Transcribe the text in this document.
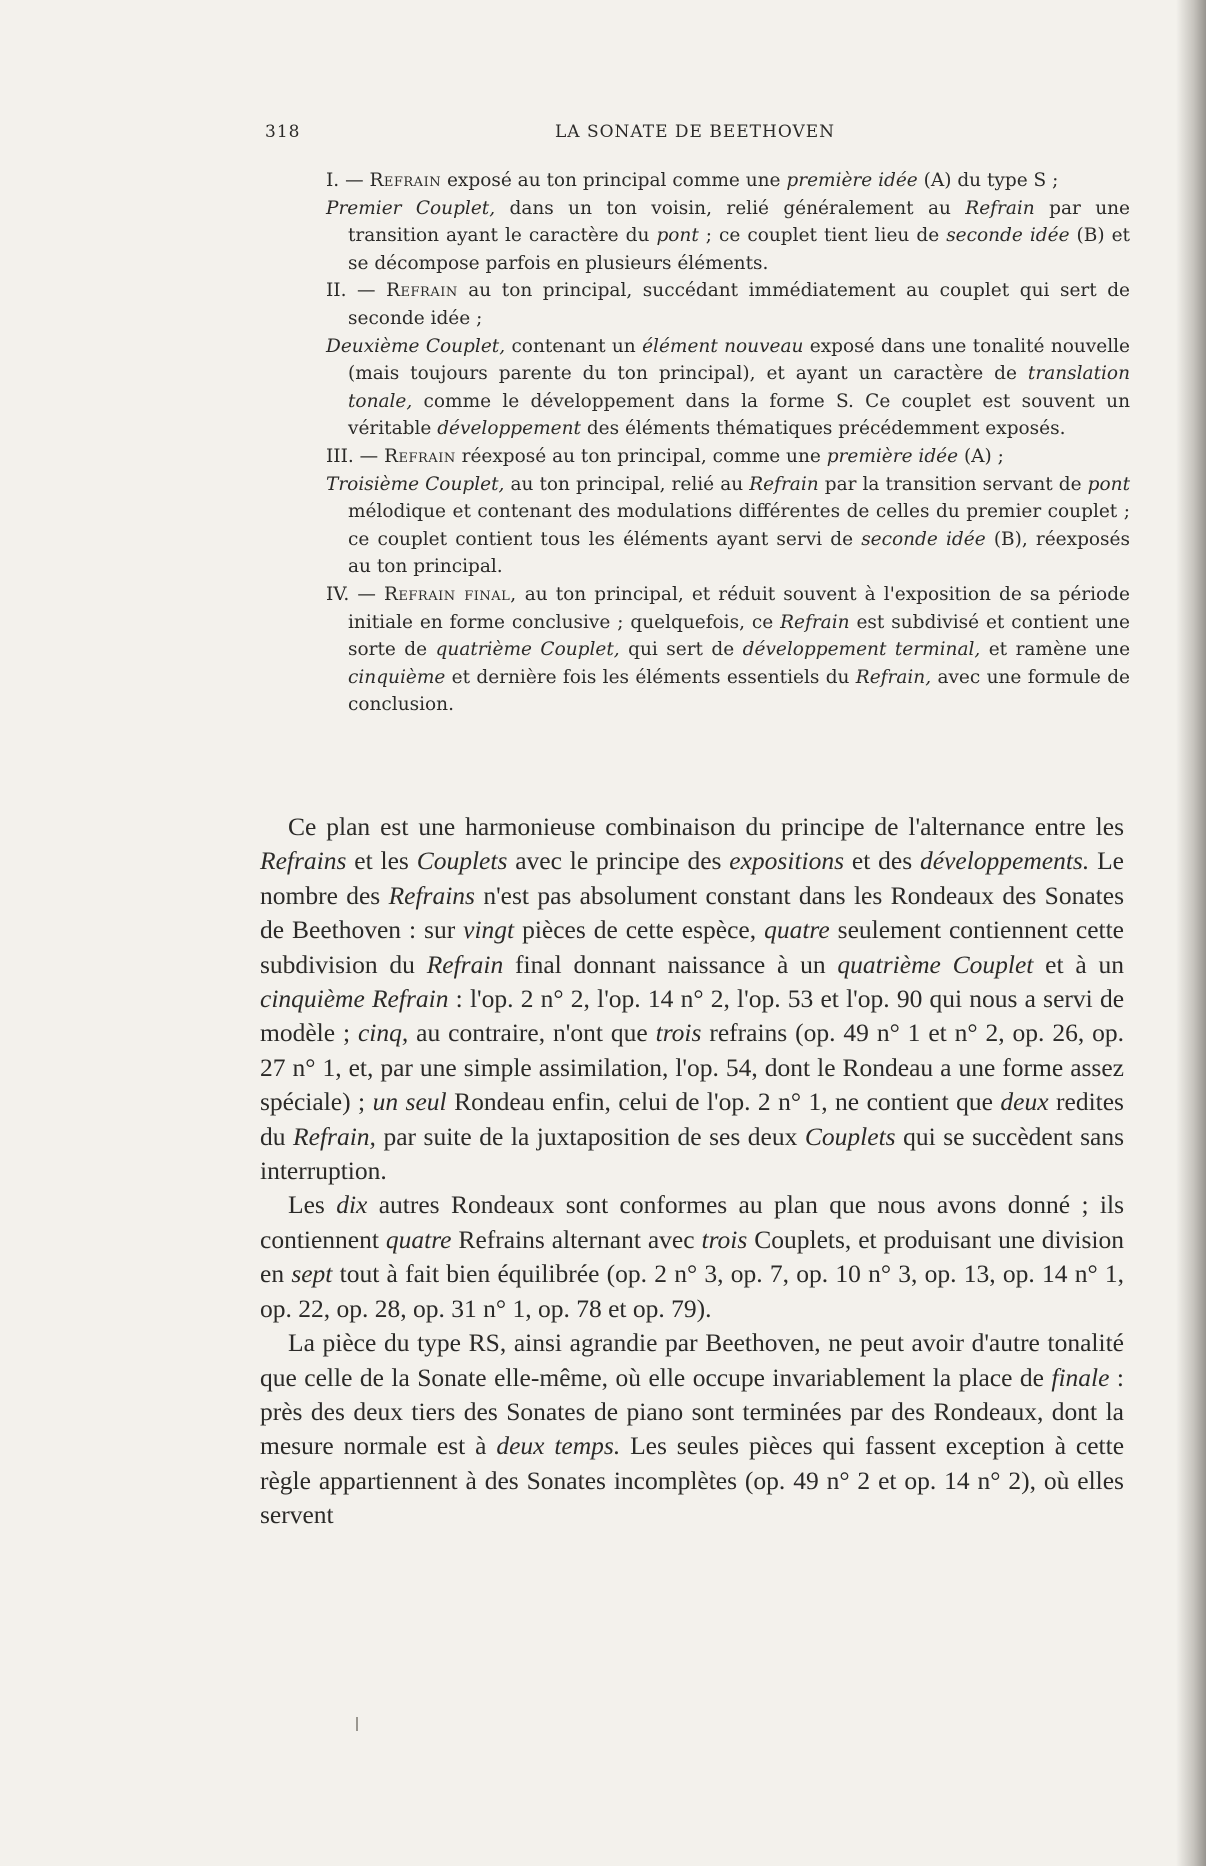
318	LA SONATE DE BEETHOVEN

I. — Refrain exposé au ton principal comme une première idée (A) du type S ;

Premier Couplet, dans un ton voisin, relié généralement au Refrain par une transition ayant le caractère du pont ; ce couplet tient lieu de seconde idée (B) et se décompose parfois en plusieurs éléments.

II. — Refrain au ton principal, succédant immédiatement au couplet qui sert de seconde idée ;

Deuxième Couplet, contenant un élément nouveau exposé dans une tonalité nouvelle (mais toujours parente du ton principal), et ayant un caractère de translation tonale, comme le développement dans la forme S. Ce couplet est souvent un véritable développement des éléments thématiques précédemment exposés.

III. — Refrain réexposé au ton principal, comme une première idée (A) ;

Troisième Couplet, au ton principal, relié au Refrain par la transition servant de pont mélodique et contenant des modulations différentes de celles du premier couplet ; ce couplet contient tous les éléments ayant servi de seconde idée (B), réexposés au ton principal.

IV. — Refrain final, au ton principal, et réduit souvent à l'exposition de sa période initiale en forme conclusive ; quelquefois, ce Refrain est subdivisé et contient une sorte de quatrième Couplet, qui sert de développement terminal, et ramène une cinquième et dernière fois les éléments essentiels du Refrain, avec une formule de conclusion.

Ce plan est une harmonieuse combinaison du principe de l'alternance entre les Refrains et les Couplets avec le principe des expositions et des développements. Le nombre des Refrains n'est pas absolument constant dans les Rondeaux des Sonates de Beethoven : sur vingt pièces de cette espèce, quatre seulement contiennent cette subdivision du Refrain final donnant naissance à un quatrième Couplet et à un cinquième Refrain : l'op. 2 n° 2, l'op. 14 n° 2, l'op. 53 et l'op. 90 qui nous a servi de modèle ; cinq, au contraire, n'ont que trois refrains (op. 49 n° 1 et n° 2, op. 26, op. 27 n° 1, et, par une simple assimilation, l'op. 54, dont le Rondeau a une forme assez spéciale) ; un seul Rondeau enfin, celui de l'op. 2 n° 1, ne contient que deux redites du Refrain, par suite de la juxtaposition de ses deux Couplets qui se succèdent sans interruption.

Les dix autres Rondeaux sont conformes au plan que nous avons donné ; ils contiennent quatre Refrains alternant avec trois Couplets, et produisant une division en sept tout à fait bien équilibrée (op. 2 n° 3, op. 7, op. 10 n° 3, op. 13, op. 14 n° 1, op. 22, op. 28, op. 31 n° 1, op. 78 et op. 79).

La pièce du type RS, ainsi agrandie par Beethoven, ne peut avoir d'autre tonalité que celle de la Sonate elle-même, où elle occupe invariablement la place de finale : près des deux tiers des Sonates de piano sont terminées par des Rondeaux, dont la mesure normale est à deux temps. Les seules pièces qui fassent exception à cette règle appartiennent à des Sonates incomplètes (op. 49 n° 2 et op. 14 n° 2), où elles servent
